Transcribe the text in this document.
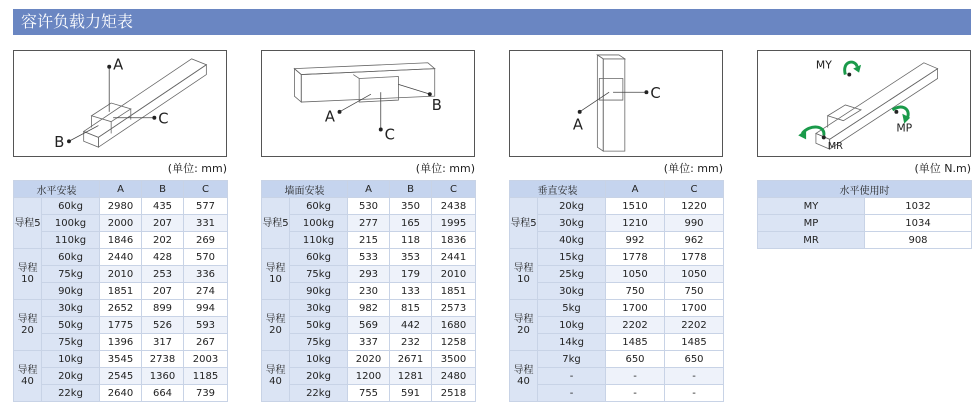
容许负载力矩表
A
C
B
(单位: mm)
A
C
B
(单位: mm)
A
C
(单位: mm)
MY
MP
MR
(单位 N.m)
水平安装		A	B	C
导程5	60kg	2980	435	577
	100kg	2000	207	331
	110kg	1846	202	269
导程10	60kg	2440	428	570
	75kg	2010	253	336
	90kg	1851	207	274
导程20	30kg	2652	899	994
	50kg	1775	526	593
	75kg	1396	317	267
导程40	10kg	3545	2738	2003
	20kg	2545	1360	1185
	22kg	2640	664	739
墙面安装		A	B	C
导程5	60kg	530	350	2438
	100kg	277	165	1995
	110kg	215	118	1836
导程10	60kg	533	353	2441
	75kg	293	179	2010
	90kg	230	133	1851
导程20	30kg	982	815	2573
	50kg	569	442	1680
	75kg	337	232	1258
导程40	10kg	2020	2671	3500
	20kg	1200	1281	2480
	22kg	755	591	2518
垂直安装		A	C
导程5	20kg	1510	1220
	30kg	1210	990
	40kg	992	962
导程10	15kg	1778	1778
	25kg	1050	1050
	30kg	750	750
导程20	5kg	1700	1700
	10kg	2202	2202
	14kg	1485	1485
导程40	7kg	650	650
	-	-	-
	-	-	-
水平使用时	
MY	1032
MP	1034
MR	908
